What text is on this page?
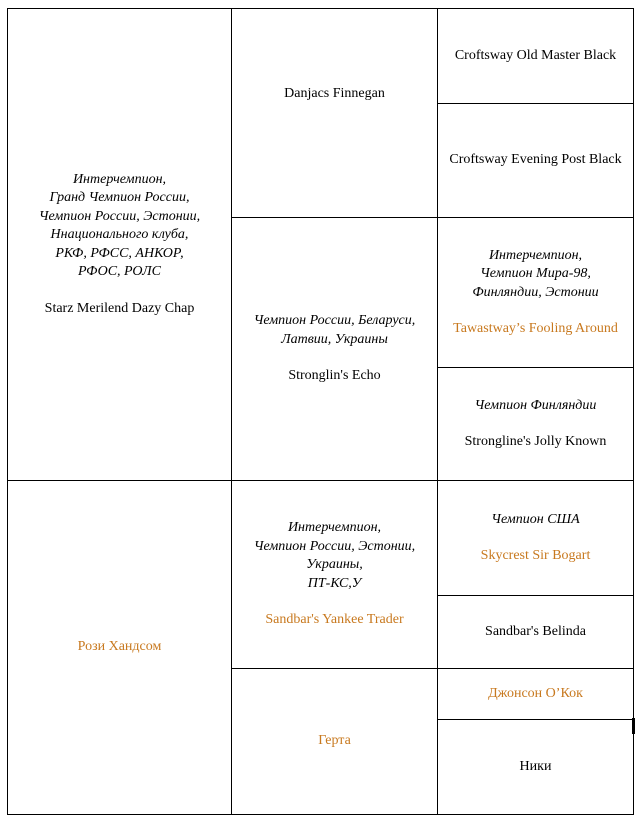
Интерчемпион,
Гранд Чемпион России,
Чемпион России, Эстонии,
Ннационального клуба,
РКФ, РФСС, АНКОР,
РФОС, РОЛС
Starz Merilend Dazy Chap
Рози Хандсом
Danjacs Finnegan
Чемпион России, Беларуси,
Латвии, Украины
Stronglin's Echo
Интерчемпион,
Чемпион России, Эстонии,
Украины,
ПТ-КС,У
Sandbar's Yankee Trader
Герта
Croftsway Old Master Black
Croftsway Evening Post Black
Интерчемпион,
Чемпион Мира-98,
Финляндии, Эстонии
Tawastway’s Fooling Around
Чемпион Финляндии
Strongline's Jolly Known
Чемпион США
Skycrest Sir Bogart
Sandbar's Belinda
Джонсон О’Кок
Ники
